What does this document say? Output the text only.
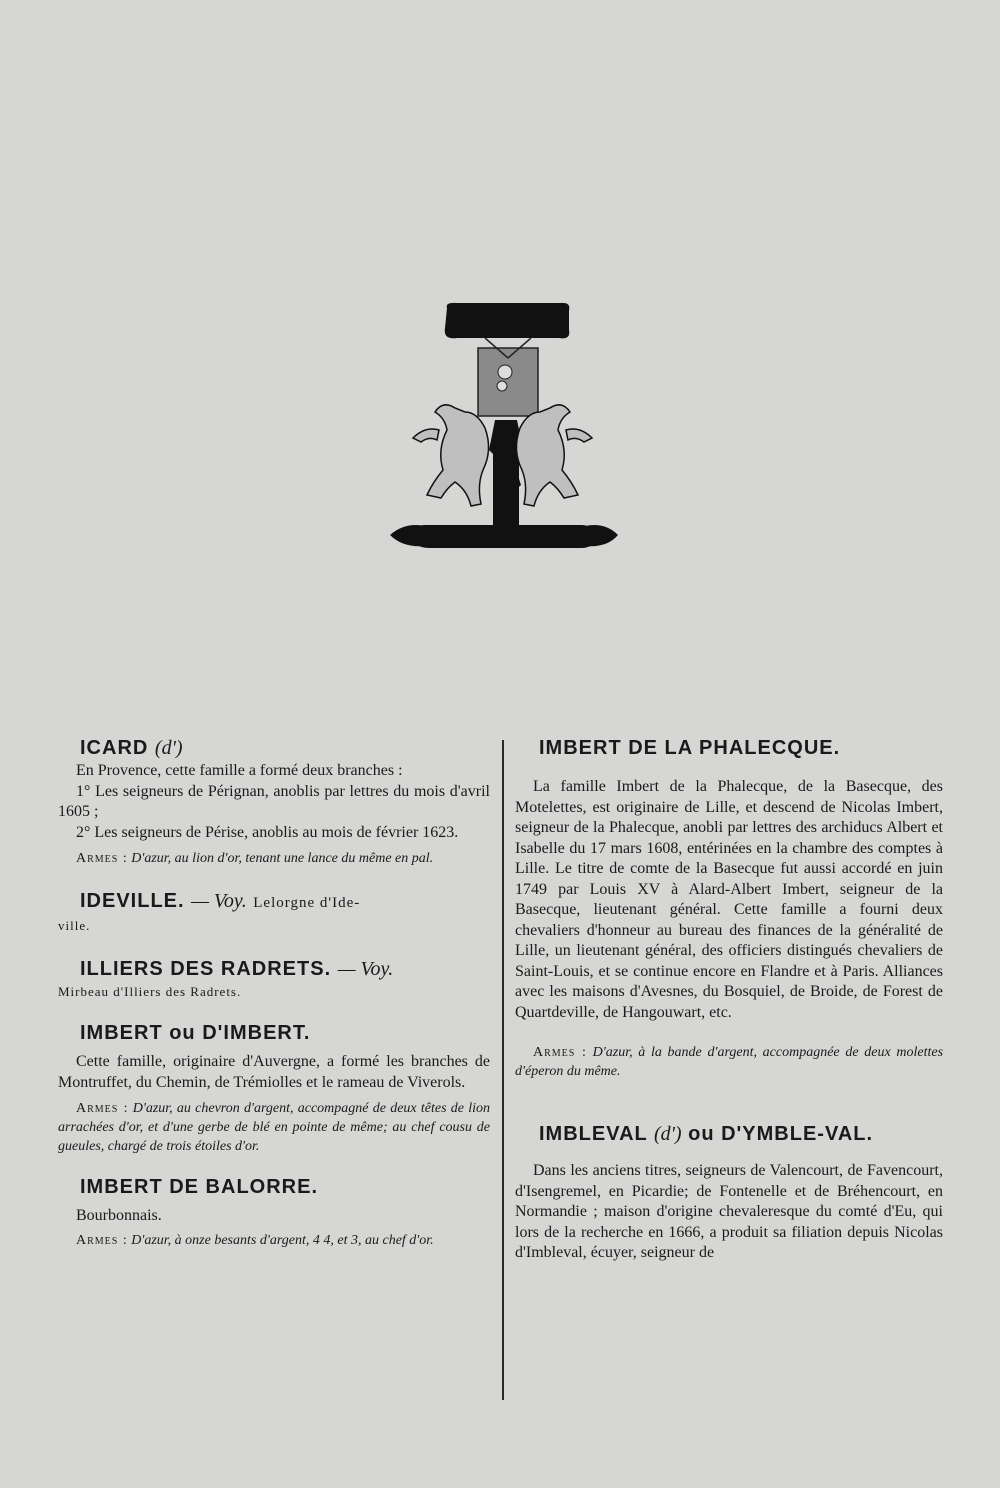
ICARD (d')

En Provence, cette famille a formé deux branches :

1° Les seigneurs de Pérignan, anoblis par lettres du mois d'avril 1605 ;

2° Les seigneurs de Périse, anoblis au mois de février 1623.

Armes : D'azur, au lion d'or, tenant une lance du même en pal.

IDEVILLE. — Voy. Lelorgne d'Ide-

ville.

ILLIERS DES RADRETS. — Voy.

Mirbeau d'Illiers des Radrets.

IMBERT ou D'IMBERT.

Cette famille, originaire d'Auvergne, a formé les branches de Montruffet, du Chemin, de Trémiolles et le rameau de Viverols.

Armes : D'azur, au chevron d'argent, accompagné de deux têtes de lion arrachées d'or, et d'une gerbe de blé en pointe de même; au chef cousu de gueules, chargé de trois étoiles d'or.

IMBERT DE BALORRE.

Bourbonnais.

Armes : D'azur, à onze besants d'argent, 4 4, et 3, au chef d'or.

IMBERT DE LA PHALECQUE.

La famille Imbert de la Phalecque, de la Basecque, des Motelettes, est originaire de Lille, et descend de Nicolas Imbert, seigneur de la Phalecque, anobli par lettres des archiducs Albert et Isabelle du 17 mars 1608, entérinées en la chambre des comptes à Lille. Le titre de comte de la Basecque fut aussi accordé en juin 1749 par Louis XV à Alard-Albert Imbert, seigneur de la Basecque, lieutenant général. Cette famille a fourni deux chevaliers d'honneur au bureau des finances de la généralité de Lille, un lieutenant général, des officiers distingués chevaliers de Saint-Louis, et se continue encore en Flandre et à Paris. Alliances avec les maisons d'Avesnes, du Bosquiel, de Broide, de Forest de Quartdeville, de Hangouwart, etc.

Armes : D'azur, à la bande d'argent, accompagnée de deux molettes d'éperon du même.

IMBLEVAL (d') ou D'YMBLE-VAL.

Dans les anciens titres, seigneurs de Valencourt, de Favencourt, d'Isengremel, en Picardie; de Fontenelle et de Bréhencourt, en Normandie ; maison d'origine chevaleresque du comté d'Eu, qui lors de la recherche en 1666, a produit sa filiation depuis Nicolas d'Imbleval, écuyer, seigneur de
